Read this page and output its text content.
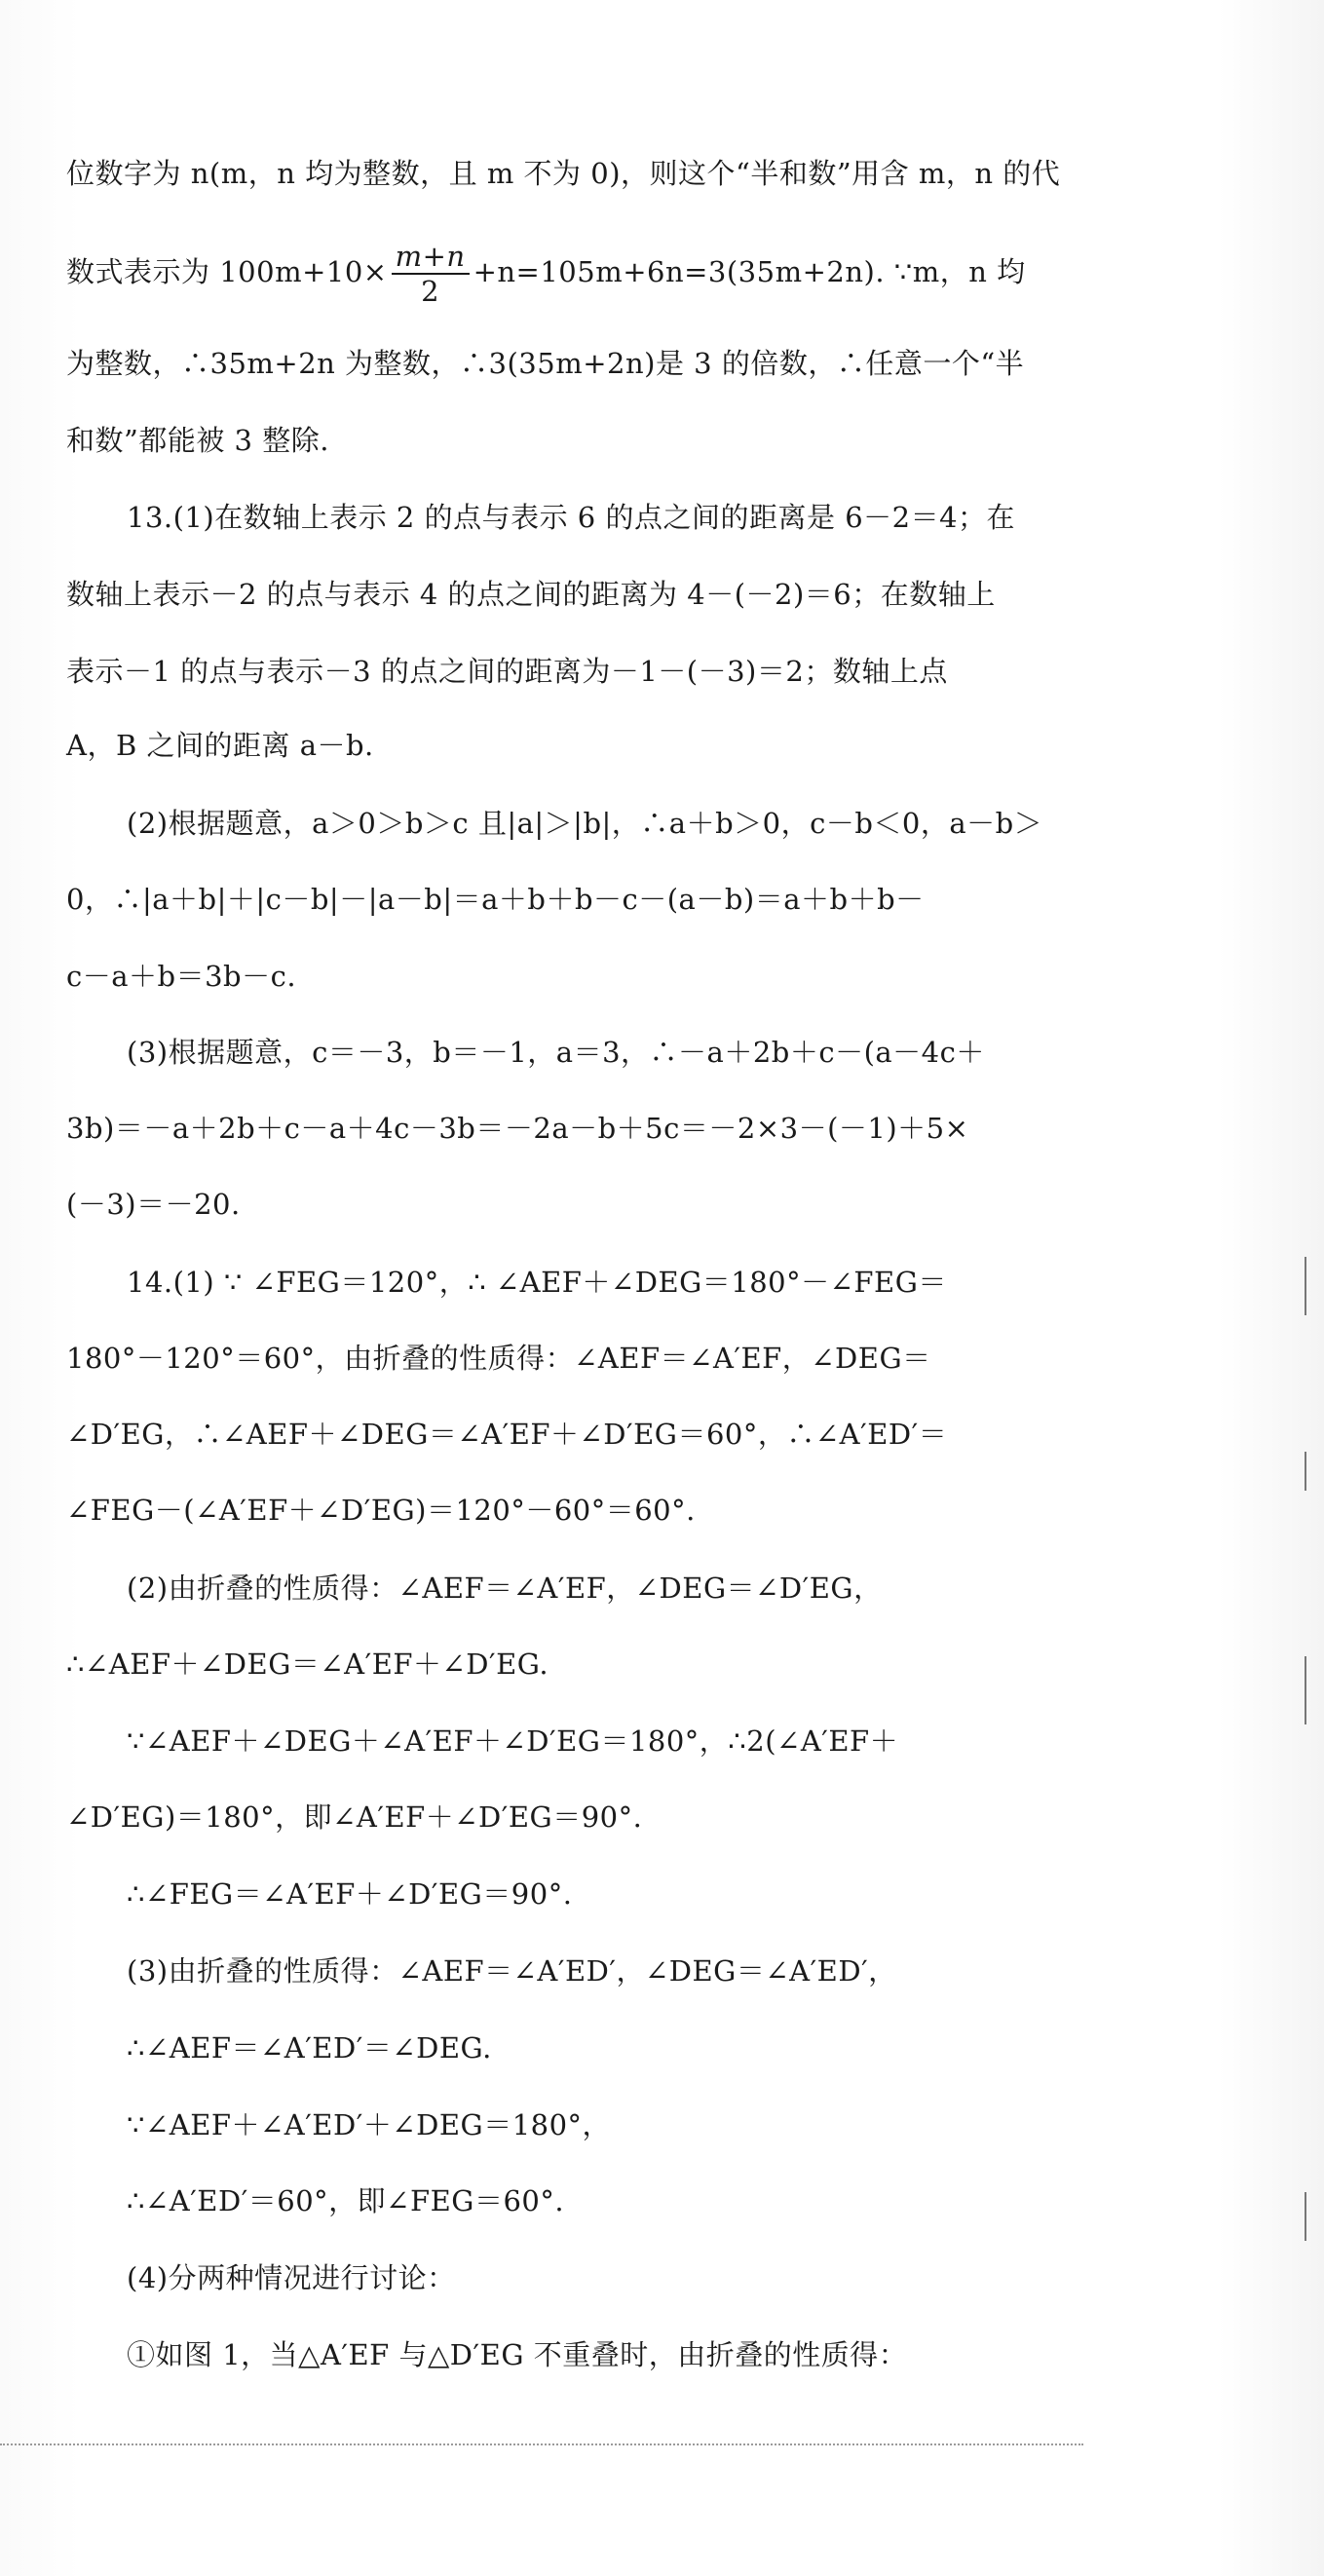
位数字为 n(m，n 均为整数，且 m 不为 0)，则这个“半和数”用含 m，n 的代
数式表示为 $100m+10\times \frac{m+n}{2} +n=105m+6n=3(35m+2n)$. ∵m，n 均
为整数，∴35m+2n 为整数，∴3(35m+2n)是 3 的倍数，∴任意一个“半
和数”都能被 3 整除.
13.(1)在数轴上表示 2 的点与表示 6 的点之间的距离是 6－2＝4；在
数轴上表示－2 的点与表示 4 的点之间的距离为 4－(－2)＝6；在数轴上
表示－1 的点与表示－3 的点之间的距离为－1－(－3)＝2；数轴上点
A，B 之间的距离 a－b.
(2)根据题意，a＞0＞b＞c 且|a|＞|b|，∴a＋b＞0，c－b＜0，a－b＞
0，∴|a＋b|＋|c－b|－|a－b|＝a＋b＋b－c－(a－b)＝a＋b＋b－
c－a＋b＝3b－c.
(3)根据题意，c＝－3，b＝－1，a＝3，∴－a＋2b＋c－(a－4c＋
3b)＝－a＋2b＋c－a＋4c－3b＝－2a－b＋5c＝－2×3－(－1)＋5×
(－3)＝－20.
14.(1) ∵ ∠FEG＝120°，∴ ∠AEF＋∠DEG＝180°－∠FEG＝
180°－120°＝60°，由折叠的性质得：∠AEF＝∠A′EF，∠DEG＝
∠D′EG，∴∠AEF＋∠DEG＝∠A′EF＋∠D′EG＝60°，∴∠A′ED′＝
∠FEG－(∠A′EF＋∠D′EG)＝120°－60°＝60°.
(2)由折叠的性质得：∠AEF＝∠A′EF，∠DEG＝∠D′EG，
∴∠AEF＋∠DEG＝∠A′EF＋∠D′EG.
∵∠AEF＋∠DEG＋∠A′EF＋∠D′EG＝180°，∴2(∠A′EF＋
∠D′EG)＝180°，即∠A′EF＋∠D′EG＝90°.
∴∠FEG＝∠A′EF＋∠D′EG＝90°.
(3)由折叠的性质得：∠AEF＝∠A′ED′，∠DEG＝∠A′ED′，
∴∠AEF＝∠A′ED′＝∠DEG.
∵∠AEF＋∠A′ED′＋∠DEG＝180°，
∴∠A′ED′＝60°，即∠FEG＝60°.
(4)分两种情况进行讨论：
①如图 1，当△A′EF 与△D′EG 不重叠时，由折叠的性质得：
